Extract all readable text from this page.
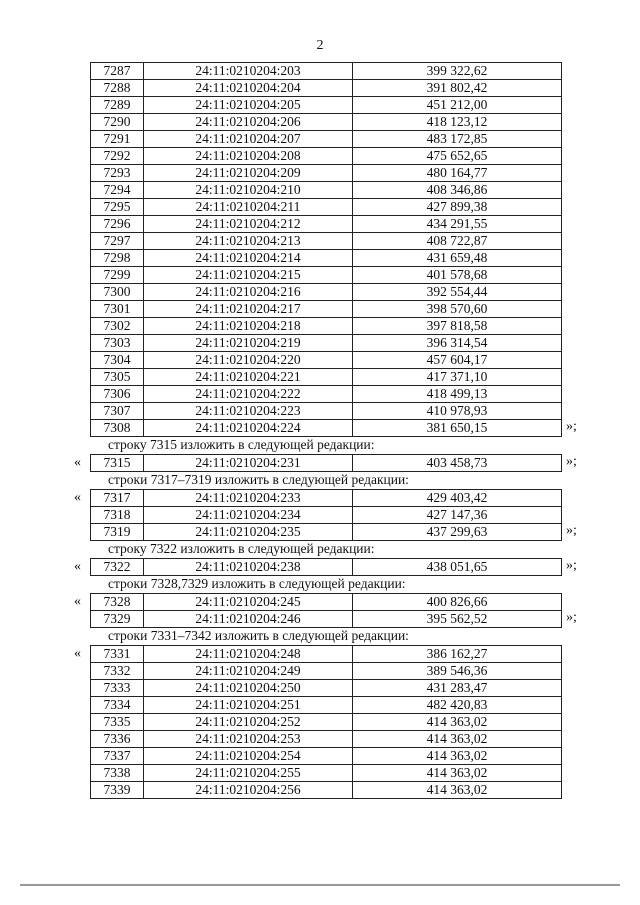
2
7287	24:11:0210204:203	399 322,62
7288	24:11:0210204:204	391 802,42
7289	24:11:0210204:205	451 212,00
7290	24:11:0210204:206	418 123,12
7291	24:11:0210204:207	483 172,85
7292	24:11:0210204:208	475 652,65
7293	24:11:0210204:209	480 164,77
7294	24:11:0210204:210	408 346,86
7295	24:11:0210204:211	427 899,38
7296	24:11:0210204:212	434 291,55
7297	24:11:0210204:213	408 722,87
7298	24:11:0210204:214	431 659,48
7299	24:11:0210204:215	401 578,68
7300	24:11:0210204:216	392 554,44
7301	24:11:0210204:217	398 570,60
7302	24:11:0210204:218	397 818,58
7303	24:11:0210204:219	396 314,54
7304	24:11:0210204:220	457 604,17
7305	24:11:0210204:221	417 371,10
7306	24:11:0210204:222	418 499,13
7307	24:11:0210204:223	410 978,93
7308	24:11:0210204:224	381 650,15	»;
строку 7315 изложить в следующей редакции:
« 7315	24:11:0210204:231	403 458,73	»;
строки 7317–7319 изложить в следующей редакции:
« 7317	24:11:0210204:233	429 403,42
7318	24:11:0210204:234	427 147,36
7319	24:11:0210204:235	437 299,63	»;
строку 7322 изложить в следующей редакции:
« 7322	24:11:0210204:238	438 051,65	»;
строки 7328,7329 изложить в следующей редакции:
« 7328	24:11:0210204:245	400 826,66
7329	24:11:0210204:246	395 562,52	»;
строки 7331–7342 изложить в следующей редакции:
« 7331	24:11:0210204:248	386 162,27
7332	24:11:0210204:249	389 546,36
7333	24:11:0210204:250	431 283,47
7334	24:11:0210204:251	482 420,83
7335	24:11:0210204:252	414 363,02
7336	24:11:0210204:253	414 363,02
7337	24:11:0210204:254	414 363,02
7338	24:11:0210204:255	414 363,02
7339	24:11:0210204:256	414 363,02
